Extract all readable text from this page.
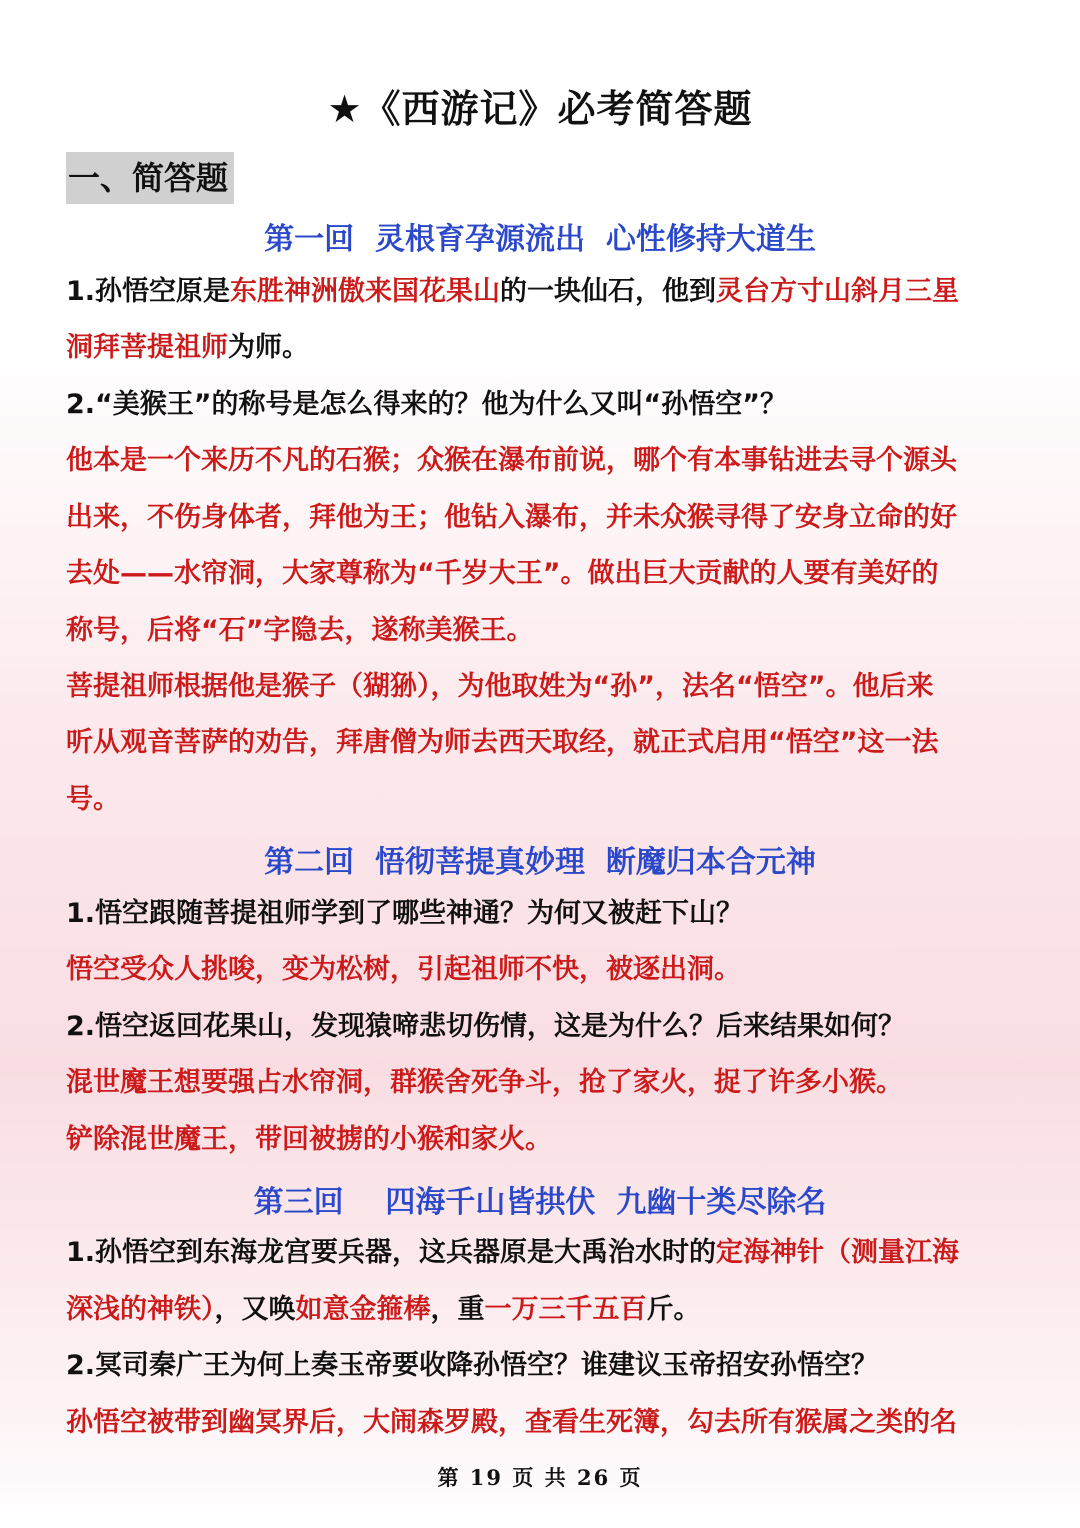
★《西游记》必考简答题
一、简答题
第一回  灵根育孕源流出  心性修持大道生
1.孙悟空原是东胜神洲傲来国花果山的一块仙石，他到灵台方寸山斜月三星
洞拜菩提祖师为师。
2.“美猴王”的称号是怎么得来的？他为什么又叫“孙悟空”？
他本是一个来历不凡的石猴；众猴在瀑布前说，哪个有本事钻进去寻个源头
出来，不伤身体者，拜他为王；他钻入瀑布，并未众猴寻得了安身立命的好
去处——水帘洞，大家尊称为“千岁大王”。做出巨大贡献的人要有美好的
称号，后将“石”字隐去，遂称美猴王。
菩提祖师根据他是猴子（猢狲），为他取姓为“孙”，法名“悟空”。他后来
听从观音菩萨的劝告，拜唐僧为师去西天取经，就正式启用“悟空”这一法
号。
第二回  悟彻菩提真妙理  断魔归本合元神
1.悟空跟随菩提祖师学到了哪些神通？为何又被赶下山？
悟空受众人挑唆，变为松树，引起祖师不快，被逐出洞。
2.悟空返回花果山，发现猿啼悲切伤情，这是为什么？后来结果如何？
混世魔王想要强占水帘洞，群猴舍死争斗，抢了家火，捉了许多小猴。
铲除混世魔王，带回被掳的小猴和家火。
第三回    四海千山皆拱伏  九幽十类尽除名
1.孙悟空到东海龙宫要兵器，这兵器原是大禹治水时的定海神针（测量江海
深浅的神铁），又唤如意金箍棒，重一万三千五百斤。
2.冥司秦广王为何上奏玉帝要收降孙悟空？谁建议玉帝招安孙悟空？
孙悟空被带到幽冥界后，大闹森罗殿，查看生死簿，勾去所有猴属之类的名
第 19 页 共 26 页
